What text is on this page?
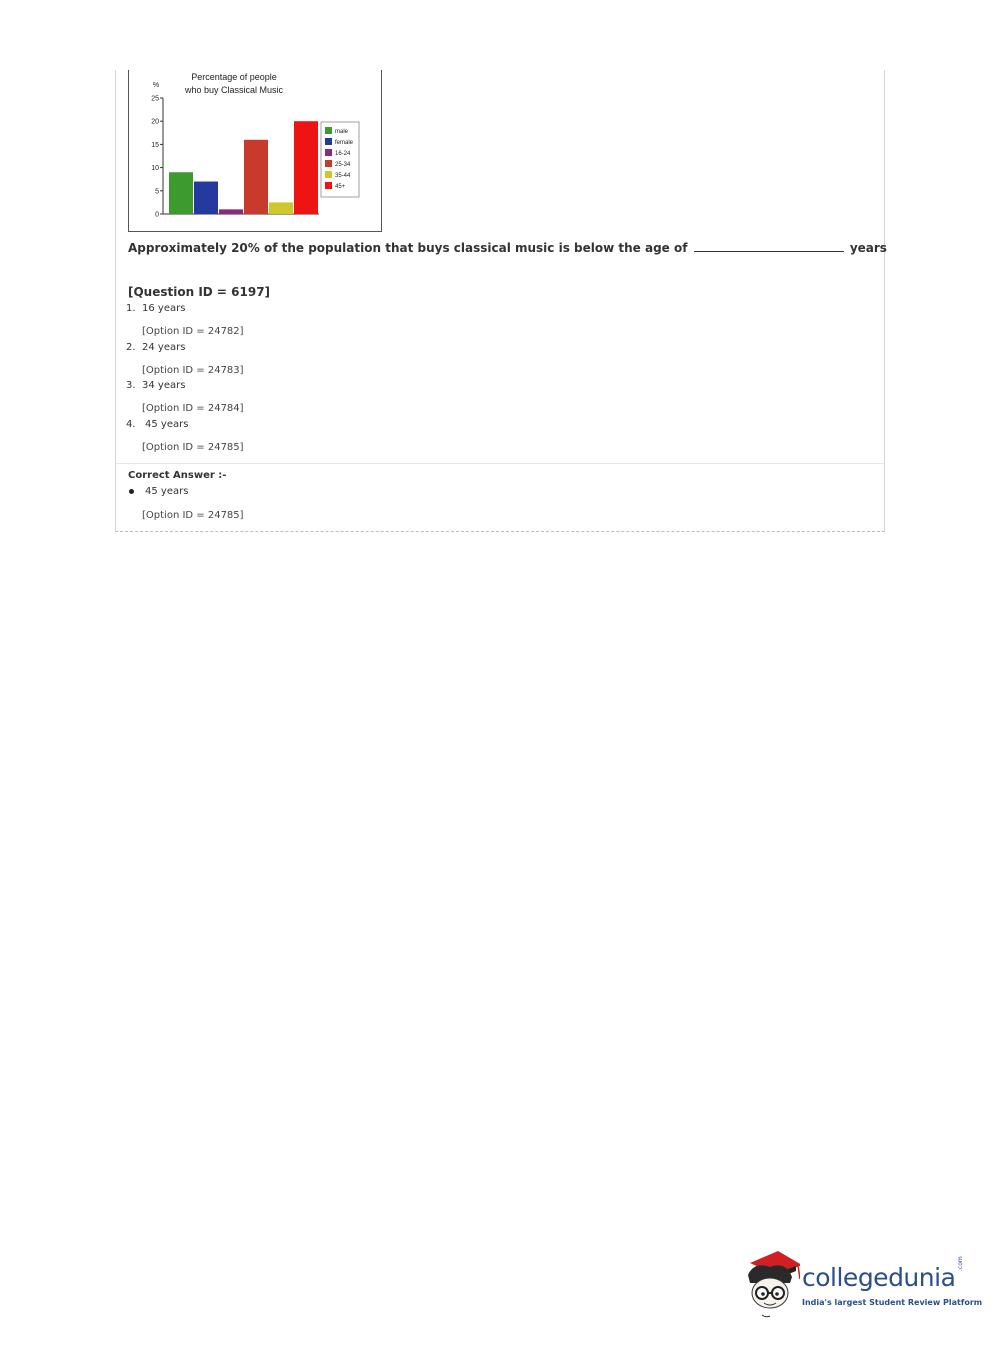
Percentage of people
who buy Classical Music
%
0
5
10
15
20
25
male
female
16-24
25-34
35-44
45+
Approximately 20% of the population that buys classical music is below the age of	years
[Question ID = 6197]
1. 16 years
[Option ID = 24782]
2. 24 years
[Option ID = 24783]
3. 34 years
[Option ID = 24784]
4. 45 years
[Option ID = 24785]
Correct Answer :-
45 years
[Option ID = 24785]
collegedunia .com
India's largest Student Review Platform
